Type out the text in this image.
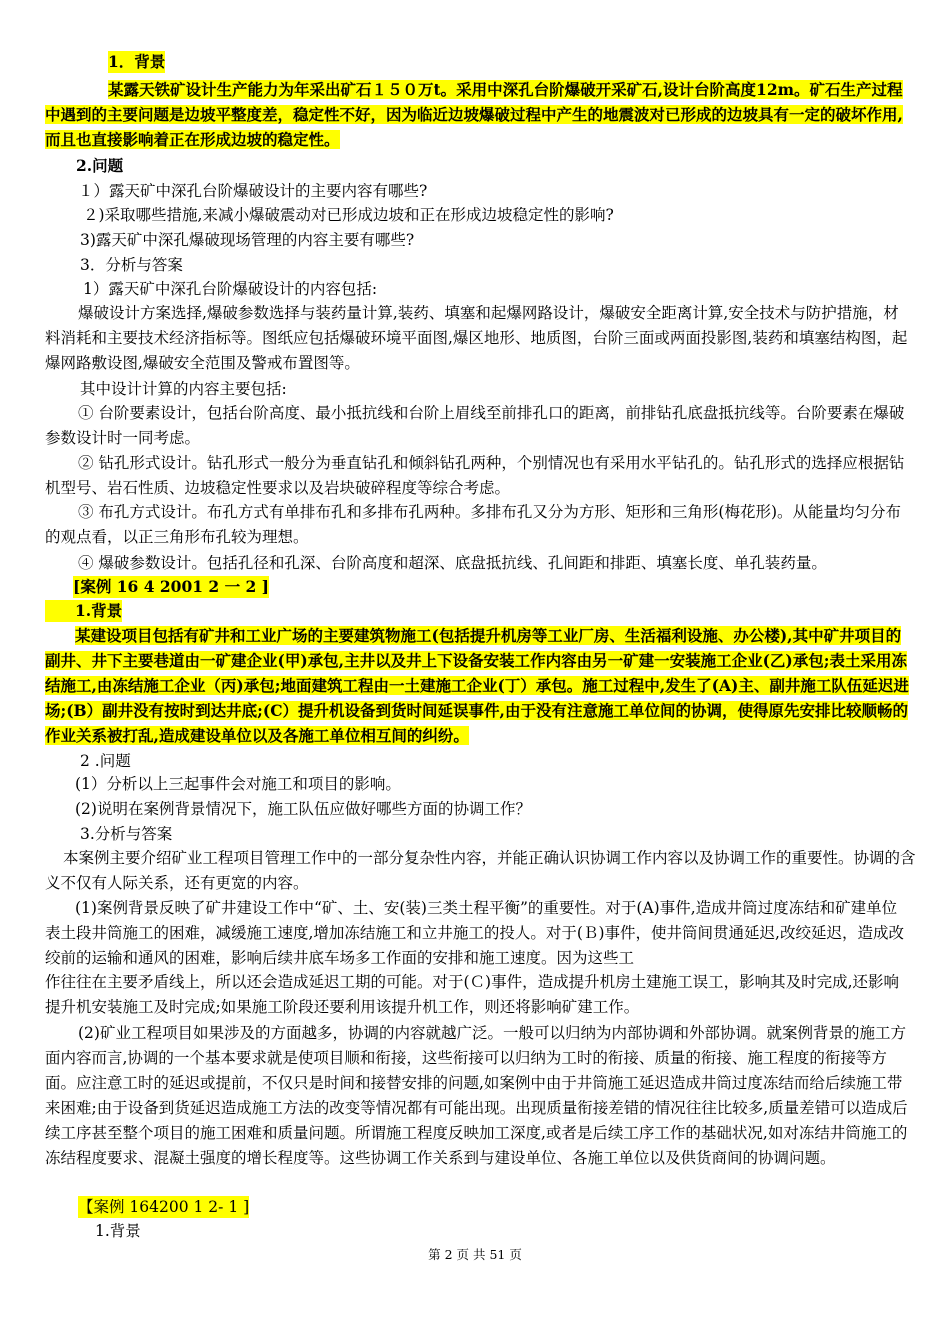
1．背景
某露天铁矿设计生产能力为年采出矿石１５０万t。采用中深孔台阶爆破开采矿石,设计台阶高度12m。矿石生产过程中遇到的主要问题是边坡平整度差，稳定性不好，因为临近边坡爆破过程中产生的地震波对已形成的边坡具有一定的破坏作用,而且也直接影响着正在形成边坡的稳定性。
2.问题
１）露天矿中深孔台阶爆破设计的主要内容有哪些?
２)采取哪些措施,来减小爆破震动对已形成边坡和正在形成边坡稳定性的影响?
3)露天矿中深孔爆破现场管理的内容主要有哪些?
3．分析与答案
1）露天矿中深孔台阶爆破设计的内容包括:
爆破设计方案选择,爆破参数选择与装药量计算,装药、填塞和起爆网路设计，爆破安全距离计算,安全技术与防护措施，材料消耗和主要技术经济指标等。图纸应包括爆破环境平面图,爆区地形、地质图，台阶三面或两面投影图,装药和填塞结构图，起爆网路敷设图,爆破安全范围及警戒布置图等。
其中设计计算的内容主要包括:
① 台阶要素设计，包括台阶高度、最小抵抗线和台阶上眉线至前排孔口的距离，前排钻孔底盘抵抗线等。台阶要素在爆破参数设计时一同考虑。
② 钻孔形式设计。钻孔形式一般分为垂直钻孔和倾斜钻孔两种，个别情况也有采用水平钻孔的。钻孔形式的选择应根据钻机型号、岩石性质、边坡稳定性要求以及岩块破碎程度等综合考虑。
③ 布孔方式设计。布孔方式有单排布孔和多排布孔两种。多排布孔又分为方形、矩形和三角形(梅花形)。从能量均匀分布的观点看，以正三角形布孔较为理想。
④ 爆破参数设计。包括孔径和孔深、台阶高度和超深、底盘抵抗线、孔间距和排距、填塞长度、单孔装药量。
[案例 16 4 2001 2 一 2 ]
1.背景
某建设项目包括有矿井和工业广场的主要建筑物施工(包括提升机房等工业厂房、生活福利设施、办公楼),其中矿井项目的副井、井下主要巷道由一矿建企业(甲)承包,主井以及井上下设备安装工作内容由另一矿建一安装施工企业(乙)承包;表土采用冻结施工,由冻结施工企业（丙)承包;地面建筑工程由一土建施工企业(丁）承包。施工过程中,发生了(A)主、副井施工队伍延迟进场;(B）副井没有按时到达井底;(C）提升机设备到货时间延误事件,由于没有注意施工单位间的协调，使得原先安排比较顺畅的作业关系被打乱,造成建设单位以及各施工单位相互间的纠纷。
2 .问题
(1）分析以上三起事件会对施工和项目的影响。
(2)说明在案例背景情况下，施工队伍应做好哪些方面的协调工作？
3.分析与答案
本案例主要介绍矿业工程项目管理工作中的一部分复杂性内容，并能正确认识协调工作内容以及协调工作的重要性。协调的含义不仅有人际关系，还有更宽的内容。
(1)案例背景反映了矿井建设工作中“矿、土、安(装)三类土程平衡”的重要性。对于(A)事件,造成井筒过度冻结和矿建单位表土段井筒施工的困难，减缓施工速度,增加冻结施工和立井施工的投人。对于(Ｂ)事件，使井筒间贯通延迟,改绞延迟，造成改绞前的运输和通风的困难，影响后续井底车场多工作面的安排和施工速度。因为这些工
作往往在主要矛盾线上，所以还会造成延迟工期的可能。对于(Ｃ)事件，造成提升机房土建施工误工，影响其及时完成,还影响提升机安装施工及时完成;如果施工阶段还要利用该提升机工作，则还将影响矿建工作。
(2)矿业工程项目如果涉及的方面越多，协调的内容就越广泛。一般可以归纳为内部协调和外部协调。就案例背景的施工方面内容而言,协调的一个基本要求就是使项目顺和衔接，这些衔接可以归纳为工时的衔接、质量的衔接、施工程度的衔接等方面。应注意工时的延迟或提前，不仅只是时间和接替安排的问题,如案例中由于井筒施工延迟造成井筒过度冻结而给后续施工带来困难;由于设备到货延迟造成施工方法的改变等情况都有可能出现。出现质量衔接差错的情况往往比较多,质量差错可以造成后续工序甚至整个项目的施工困难和质量问题。所谓施工程度反映加工深度,或者是后续工序工作的基础状况,如对冻结井筒施工的冻结程度要求、混凝土强度的增长程度等。这些协调工作关系到与建设单位、各施工单位以及供货商间的协调问题。
【案例 164200 1 2- 1 ]
1.背景
第 2 页 共 51 页
